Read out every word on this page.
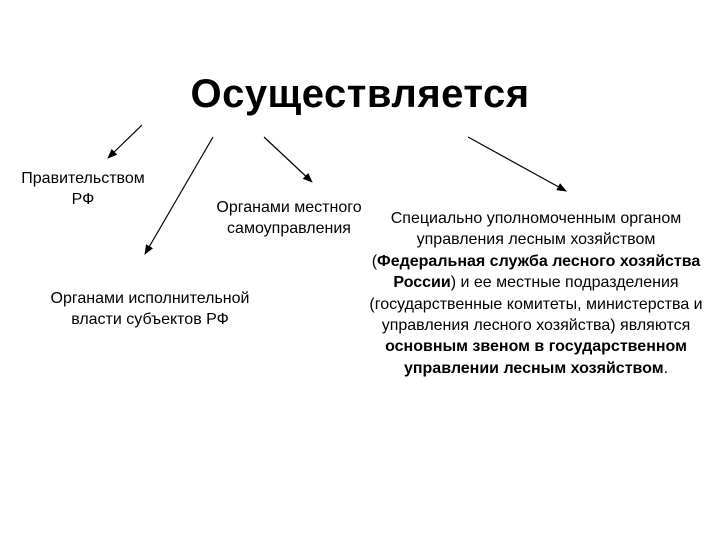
Осуществляется
Правительством
РФ	Органами местного
самоуправления
Органами исполнительной
власти субъектов РФ
Специально уполномоченным органом управления лесным хозяйством (Федеральная служба лесного хозяйства России) и ее местные подразделения (государственные комитеты, министерства и управления лесного хозяйства) являются основным звеном в государственном управлении лесным хозяйством.
